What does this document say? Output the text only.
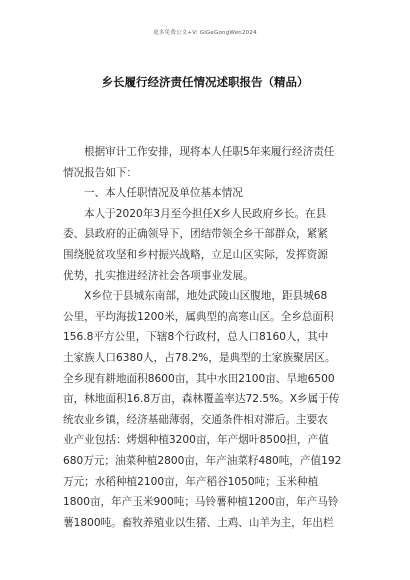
更多免费公文+V: GiGeGongWen2024
乡长履行经济责任情况述职报告（精品）
根据审计工作安排，现将本人任职5年来履行经济责任
情况报告如下：
一、本人任职情况及单位基本情况
本人于2020年3月至今担任X乡人民政府乡长。在县
委、县政府的正确领导下，团结带领全乡干部群众，紧紧
围绕脱贫攻坚和乡村振兴战略，立足山区实际，发挥资源
优势，扎实推进经济社会各项事业发展。
X乡位于县城东南部，地处武陵山区腹地，距县城68
公里，平均海拔1200米，属典型的高寒山区。全乡总面积
156.8平方公里，下辖8个行政村，总人口8160人，其中
土家族人口6380人，占78.2%，是典型的土家族聚居区。
全乡现有耕地面积8600亩，其中水田2100亩、旱地6500
亩，林地面积16.8万亩，森林覆盖率达72.5%。X乡属于传
统农业乡镇，经济基础薄弱，交通条件相对滞后。主要农
业产业包括：烤烟种植3200亩，年产烟叶8500担，产值
680万元；油菜种植2800亩，年产油菜籽480吨，产值192
万元；水稻种植2100亩，年产稻谷1050吨；玉米种植
1800亩，年产玉米900吨；马铃薯种植1200亩，年产马铃
薯1800吨。畜牧养殖业以生猪、土鸡、山羊为主，年出栏
